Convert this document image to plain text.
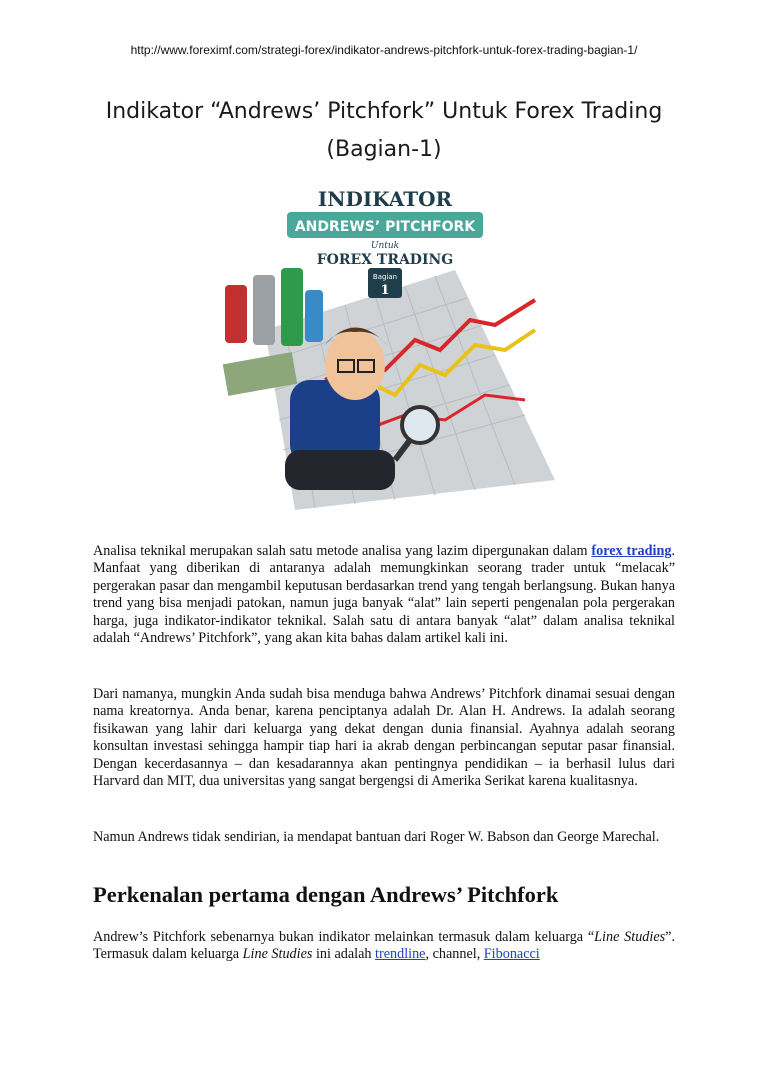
http://www.foreximf.com/strategi-forex/indikator-andrews-pitchfork-untuk-forex-trading-bagian-1/
Indikator “Andrews’ Pitchfork” Untuk Forex Trading
(Bagian-1)
INDIKATOR
ANDREWS’ PITCHFORK
Untuk
FOREX TRADING
Bagian
1

Analisa teknikal merupakan salah satu metode analisa yang lazim dipergunakan dalam forex trading. Manfaat yang diberikan di antaranya adalah memungkinkan seorang trader untuk “melacak” pergerakan pasar dan mengambil keputusan berdasarkan trend yang tengah berlangsung. Bukan hanya trend yang bisa menjadi patokan, namun juga banyak “alat” lain seperti pengenalan pola pergerakan harga, juga indikator-indikator teknikal. Salah satu di antara banyak “alat” dalam analisa teknikal adalah “Andrews’ Pitchfork”, yang akan kita bahas dalam artikel kali ini.

Dari namanya, mungkin Anda sudah bisa menduga bahwa Andrews’ Pitchfork dinamai sesuai dengan nama kreatornya. Anda benar, karena penciptanya adalah Dr. Alan H. Andrews. Ia adalah seorang fisikawan yang lahir dari keluarga yang dekat dengan dunia finansial. Ayahnya adalah seorang konsultan investasi sehingga hampir tiap hari ia akrab dengan perbincangan seputar pasar finansial. Dengan kecerdasannya – dan kesadarannya akan pentingnya pendidikan – ia berhasil lulus dari Harvard dan MIT, dua universitas yang sangat bergengsi di Amerika Serikat karena kualitasnya.

Namun Andrews tidak sendirian, ia mendapat bantuan dari Roger W. Babson dan George Marechal.

Perkenalan pertama dengan Andrews’ Pitchfork

Andrew’s Pitchfork sebenarnya bukan indikator melainkan termasuk dalam keluarga “Line Studies”. Termasuk dalam keluarga Line Studies ini adalah trendline, channel, Fibonacci
